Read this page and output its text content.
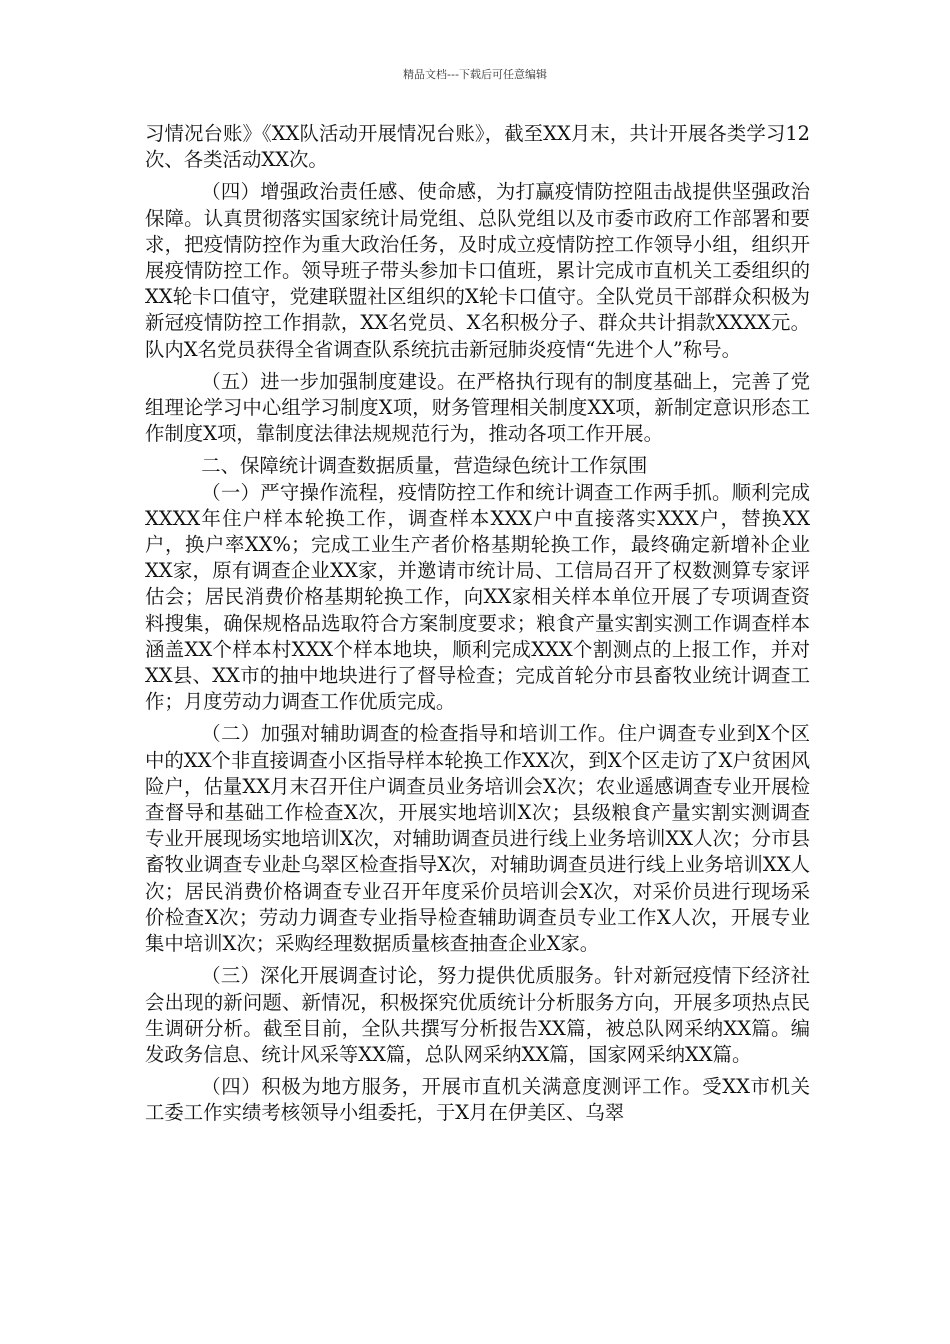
精品文档---下载后可任意编辑

习情况台账》《XX队活动开展情况台账》，截至XX月末，共计开展各类学习12次、各类活动XX次。

（四）增强政治责任感、使命感，为打赢疫情防控阻击战提供坚强政治保障。认真贯彻落实国家统计局党组、总队党组以及市委市政府工作部署和要求，把疫情防控作为重大政治任务，及时成立疫情防控工作领导小组，组织开展疫情防控工作。领导班子带头参加卡口值班，累计完成市直机关工委组织的XX轮卡口值守，党建联盟社区组织的X轮卡口值守。全队党员干部群众积极为新冠疫情防控工作捐款，XX名党员、X名积极分子、群众共计捐款XXXX元。队内X名党员获得全省调查队系统抗击新冠肺炎疫情“先进个人”称号。

（五）进一步加强制度建设。在严格执行现有的制度基础上，完善了党组理论学习中心组学习制度X项，财务管理相关制度XX项，新制定意识形态工作制度X项，靠制度法律法规规范行为，推动各项工作开展。

二、保障统计调查数据质量，营造绿色统计工作氛围

（一）严守操作流程，疫情防控工作和统计调查工作两手抓。顺利完成XXXX年住户样本轮换工作，调查样本XXX户中直接落实XXX户，替换XX户，换户率XX%；完成工业生产者价格基期轮换工作，最终确定新增补企业XX家，原有调查企业XX家，并邀请市统计局、工信局召开了权数测算专家评估会；居民消费价格基期轮换工作，向XX家相关样本单位开展了专项调查资料搜集，确保规格品选取符合方案制度要求；粮食产量实割实测工作调查样本涵盖XX个样本村XXX个样本地块，顺利完成XXX个割测点的上报工作，并对XX县、XX市的抽中地块进行了督导检查；完成首轮分市县畜牧业统计调查工作；月度劳动力调查工作优质完成。

（二）加强对辅助调查的检查指导和培训工作。住户调查专业到X个区中的XX个非直接调查小区指导样本轮换工作XX次，到X个区走访了X户贫困风险户，估量XX月末召开住户调查员业务培训会X次；农业遥感调查专业开展检查督导和基础工作检查X次，开展实地培训X次；县级粮食产量实割实测调查专业开展现场实地培训X次，对辅助调查员进行线上业务培训XX人次；分市县畜牧业调查专业赴乌翠区检查指导X次，对辅助调查员进行线上业务培训XX人次；居民消费价格调查专业召开年度采价员培训会X次，对采价员进行现场采价检查X次；劳动力调查专业指导检查辅助调查员专业工作X人次，开展专业集中培训X次；采购经理数据质量核查抽查企业X家。

（三）深化开展调查讨论，努力提供优质服务。针对新冠疫情下经济社会出现的新问题、新情况，积极探究优质统计分析服务方向，开展多项热点民生调研分析。截至目前，全队共撰写分析报告XX篇，被总队网采纳XX篇。编发政务信息、统计风采等XX篇，总队网采纳XX篇，国家网采纳XX篇。

（四）积极为地方服务，开展市直机关满意度测评工作。受XX市机关工委工作实绩考核领导小组委托，于X月在伊美区、乌翠
